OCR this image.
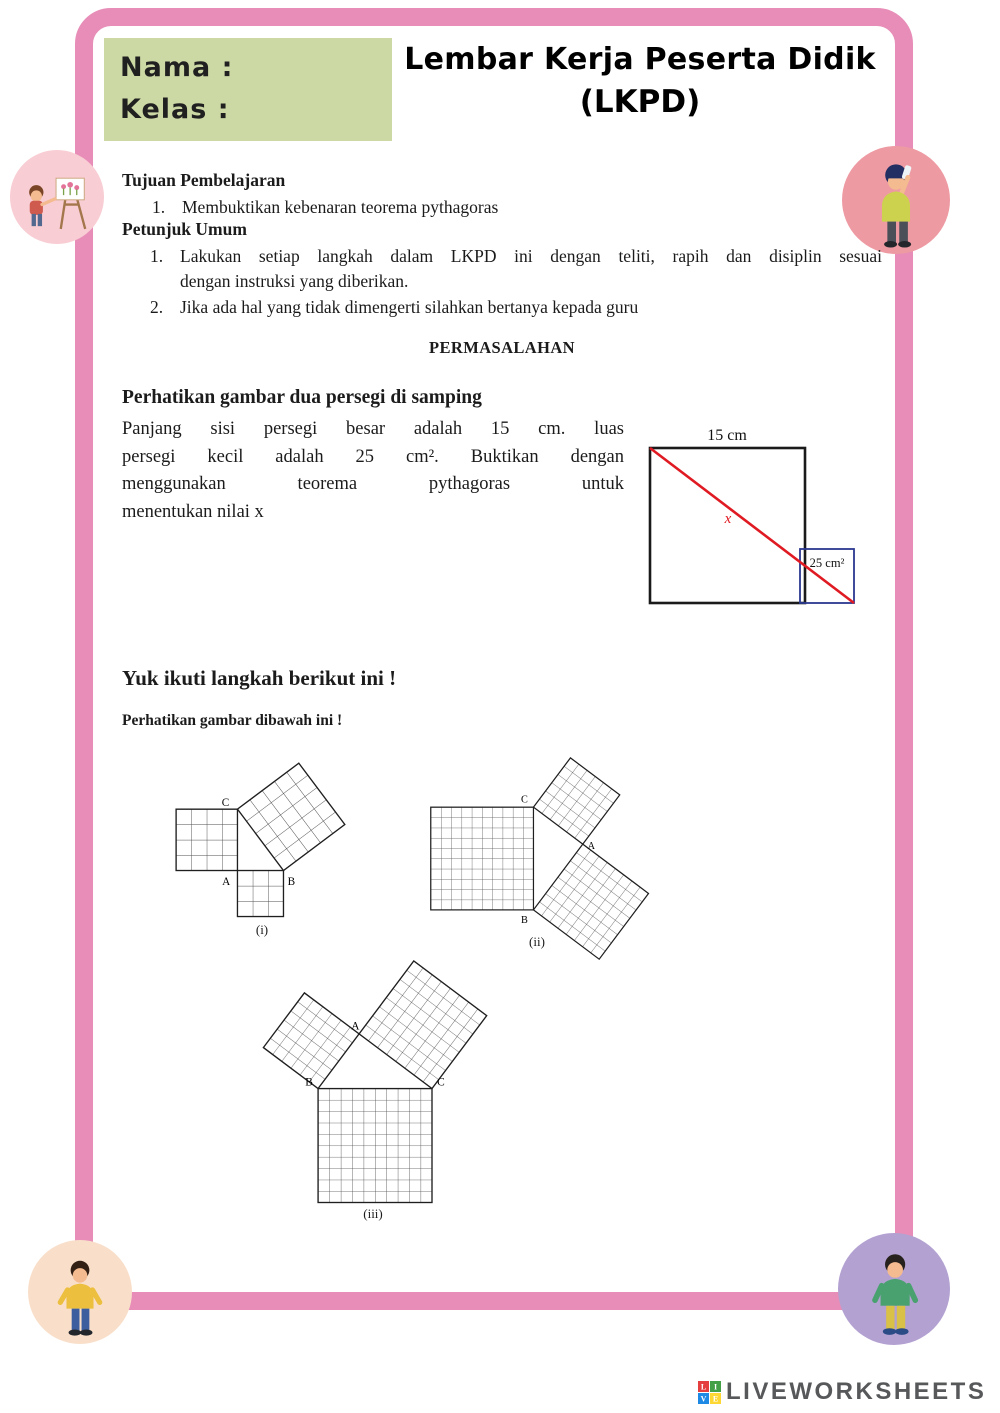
Nama :
Kelas :
Lembar Kerja Peserta Didik
(LKPD)
Tujuan Pembelajaran
1. Membuktikan kebenaran teorema pythagoras
Petunjuk Umum
1. Lakukan setiap langkah dalam LKPD ini dengan teliti, rapih dan disiplin sesuai
dengan instruksi yang diberikan.
2. Jika ada hal yang tidak dimengerti silahkan bertanya kepada guru
PERMASALAHAN
Perhatikan gambar dua persegi di samping
Panjang sisi persegi besar adalah 15 cm. luas
persegi kecil adalah 25 cm². Buktikan dengan
menggunakan teorema pythagoras untuk
menentukan nilai x
15 cm
x
25 cm²
Yuk ikuti langkah berikut ini !
Perhatikan gambar dibawah ini !
C
A	B
(i)
C
A
B
(ii)
A
B	C
(iii)
L I
V E LIVEWORKSHEETS
